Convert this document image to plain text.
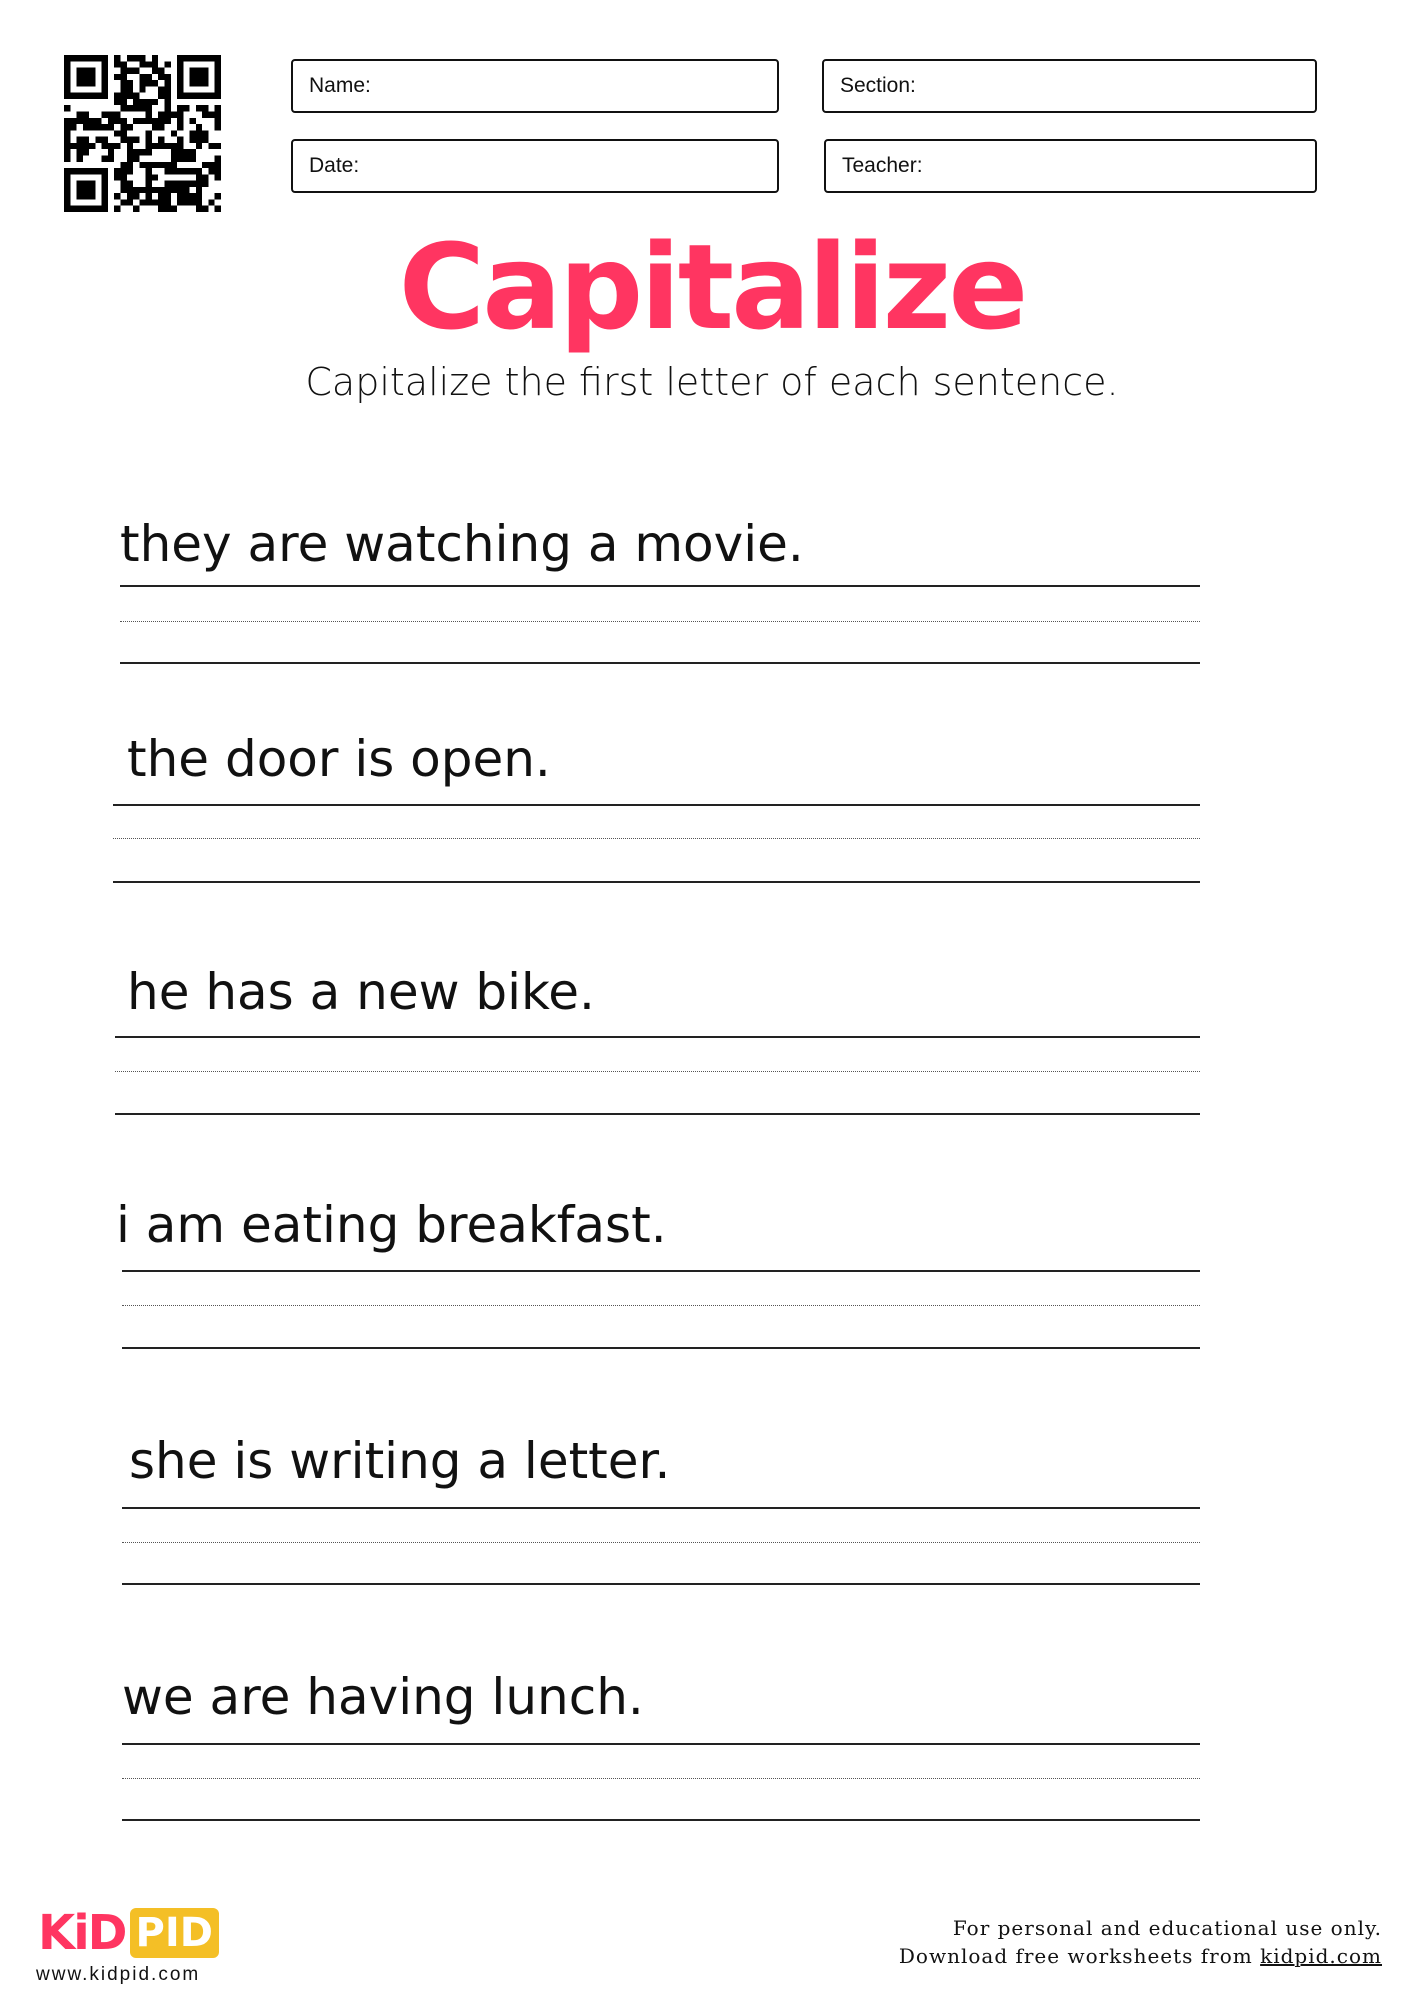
Name:	Section:
Date:	Teacher:
Capitalize
Capitalize the first letter of each sentence.
they are watching a movie.
the door is open.
he has a new bike.
i am eating breakfast.
she is writing a letter.
we are having lunch.
KiD PID
www.kidpid.com
For personal and educational use only.
Download free worksheets from kidpid.com
